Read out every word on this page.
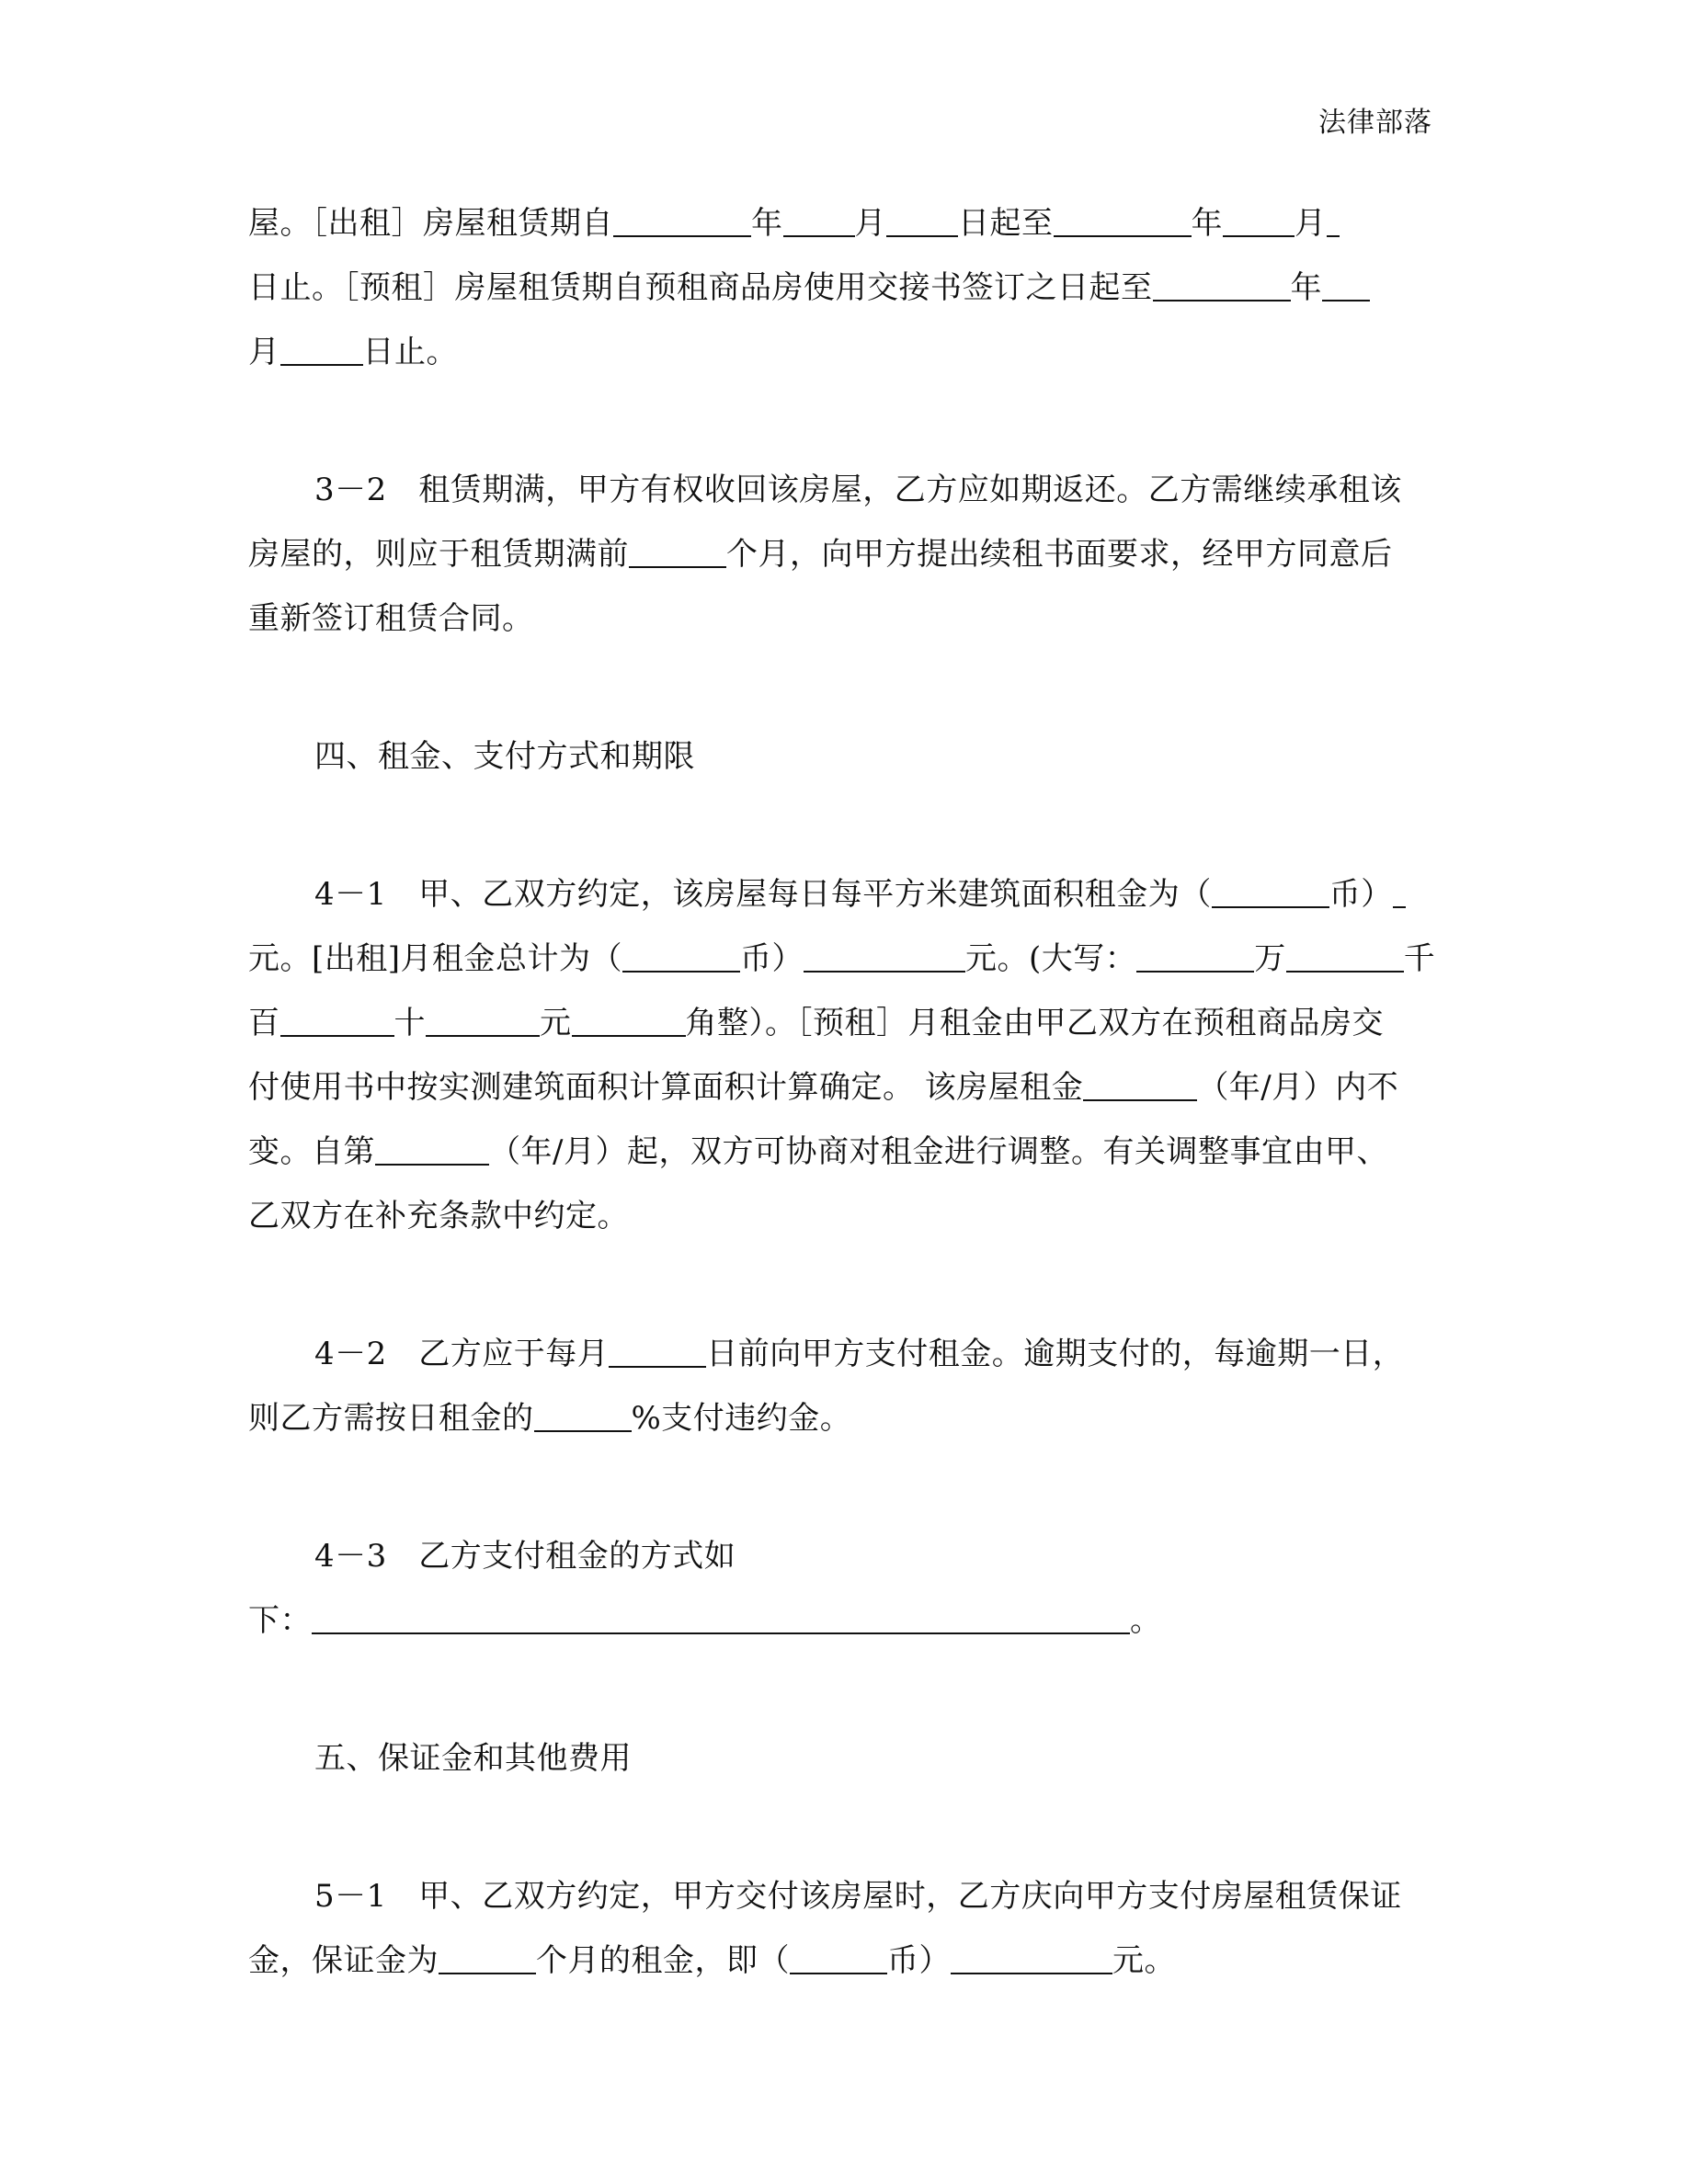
法律部落
屋。［出租］房屋租赁期自	年 月 日起至	年 月
日止。［预租］房屋租赁期自预租商品房使用交接书签订之日起至	年
月	日止。
3－2　租赁期满，甲方有权收回该房屋，乙方应如期返还。乙方需继续承租该
房屋的，则应于租赁期满前	个月，向甲方提出续租书面要求，经甲方同意后
重新签订租赁合同。
四、租金、支付方式和期限
4－1　甲、乙双方约定，该房屋每日每平方米建筑面积租金为（	币）
元。[出租]月租金总计为（	币）	元。(大写：	万	千
百	十	元	角整）。［预租］月租金由甲乙双方在预租商品房交
付使用书中按实测建筑面积计算面积计算确定。 该房屋租金	（年/月）内不
变。自第	（年/月）起，双方可协商对租金进行调整。有关调整事宜由甲、
乙双方在补充条款中约定。
4－2　乙方应于每月	日前向甲方支付租金。逾期支付的，每逾期一日，
则乙方需按日租金的	%支付违约金。
4－3　乙方支付租金的方式如
下：	。
五、保证金和其他费用
5－1　甲、乙双方约定，甲方交付该房屋时，乙方庆向甲方支付房屋租赁保证
金，保证金为	个月的租金，即（	币）	元。
